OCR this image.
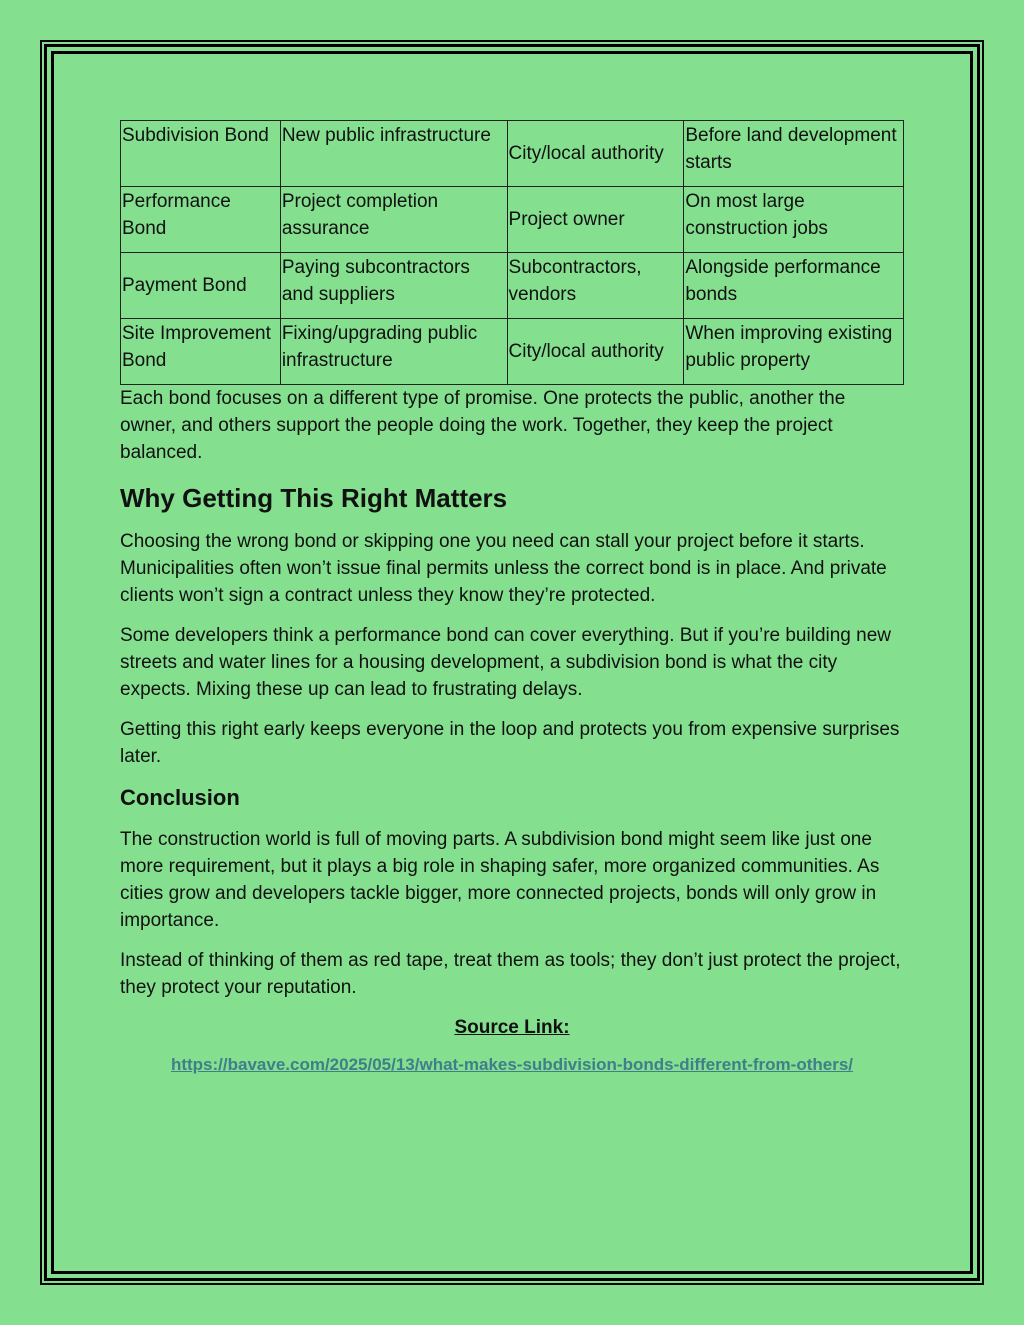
Subdivision Bond	New public infrastructure	City/local authority	Before land development starts
Performance Bond	Project completion assurance	Project owner	On most large construction jobs
Payment Bond	Paying subcontractors and suppliers	Subcontractors, vendors	Alongside performance bonds
Site Improvement Bond	Fixing/upgrading public infrastructure	City/local authority	When improving existing public property

Each bond focuses on a different type of promise. One protects the public, another the owner, and others support the people doing the work. Together, they keep the project balanced.

Why Getting This Right Matters

Choosing the wrong bond or skipping one you need can stall your project before it starts. Municipalities often won’t issue final permits unless the correct bond is in place. And private clients won’t sign a contract unless they know they’re protected.

Some developers think a performance bond can cover everything. But if you’re building new streets and water lines for a housing development, a subdivision bond is what the city expects. Mixing these up can lead to frustrating delays.

Getting this right early keeps everyone in the loop and protects you from expensive surprises later.

Conclusion

The construction world is full of moving parts. A subdivision bond might seem like just one more requirement, but it plays a big role in shaping safer, more organized communities. As cities grow and developers tackle bigger, more connected projects, bonds will only grow in importance.

Instead of thinking of them as red tape, treat them as tools; they don’t just protect the project, they protect your reputation.

Source Link:
https://bavave.com/2025/05/13/what-makes-subdivision-bonds-different-from-others/
